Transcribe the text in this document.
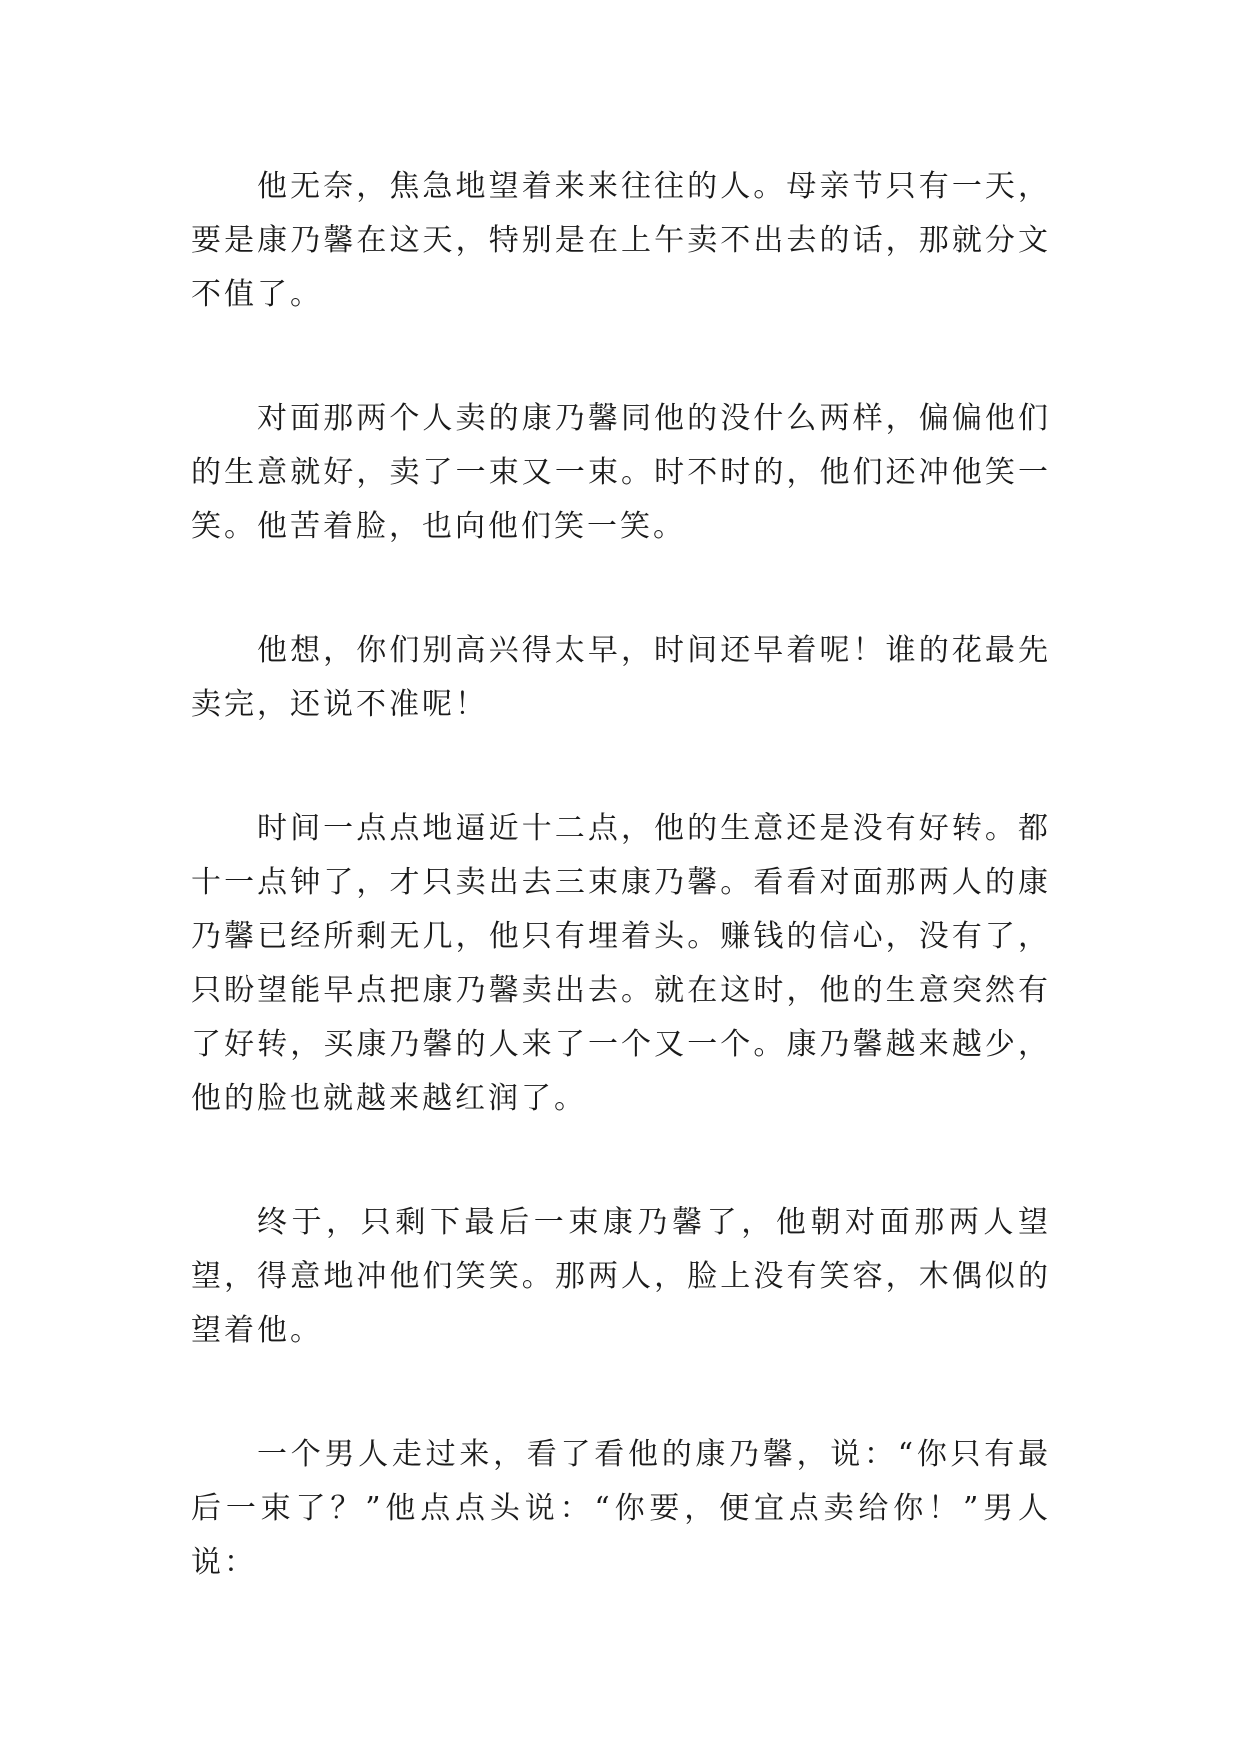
他无奈，焦急地望着来来往往的人。母亲节只有一天，要是康乃馨在这天，特别是在上午卖不出去的话，那就分文不值了。

对面那两个人卖的康乃馨同他的没什么两样，偏偏他们的生意就好，卖了一束又一束。时不时的，他们还冲他笑一笑。他苦着脸，也向他们笑一笑。

他想，你们别高兴得太早，时间还早着呢！谁的花最先卖完，还说不准呢！

时间一点点地逼近十二点，他的生意还是没有好转。都十一点钟了，才只卖出去三束康乃馨。看看对面那两人的康乃馨已经所剩无几，他只有埋着头。赚钱的信心，没有了，只盼望能早点把康乃馨卖出去。就在这时，他的生意突然有了好转，买康乃馨的人来了一个又一个。康乃馨越来越少，他的脸也就越来越红润了。

终于，只剩下最后一束康乃馨了，他朝对面那两人望望，得意地冲他们笑笑。那两人，脸上没有笑容，木偶似的望着他。

一个男人走过来，看了看他的康乃馨，说：“你只有最后一束了？”他点点头说：“你要，便宜点卖给你！”男人说：
